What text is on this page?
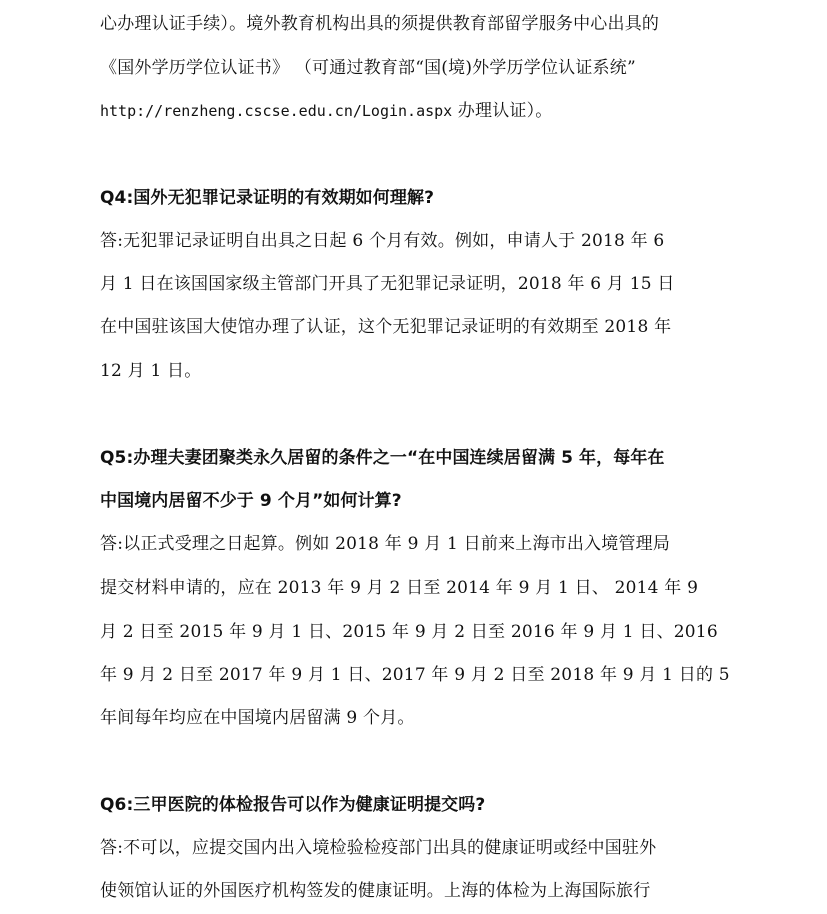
心办理认证手续）。境外教育机构出具的须提供教育部留学服务中心出具的
《国外学历学位认证书》 （可通过教育部“国(境)外学历学位认证系统”
http://renzheng.cscse.edu.cn/Login.aspx 办理认证）。
Q4:国外无犯罪记录证明的有效期如何理解?
答:无犯罪记录证明自出具之日起 6 个月有效。例如，申请人于 2018 年 6
月 1 日在该国国家级主管部门开具了无犯罪记录证明，2018 年 6 月 15 日
在中国驻该国大使馆办理了认证，这个无犯罪记录证明的有效期至 2018 年
12 月 1 日。
Q5:办理夫妻团聚类永久居留的条件之一“在中国连续居留满 5 年，每年在
中国境内居留不少于 9 个月”如何计算?
答:以正式受理之日起算。例如 2018 年 9 月 1 日前来上海市出入境管理局
提交材料申请的，应在 2013 年 9 月 2 日至 2014 年 9 月 1 日、 2014 年 9
月 2 日至 2015 年 9 月 1 日、2015 年 9 月 2 日至 2016 年 9 月 1 日、2016
年 9 月 2 日至 2017 年 9 月 1 日、2017 年 9 月 2 日至 2018 年 9 月 1 日的 5
年间每年均应在中国境内居留满 9 个月。
Q6:三甲医院的体检报告可以作为健康证明提交吗?
答:不可以，应提交国内出入境检验检疫部门出具的健康证明或经中国驻外
使领馆认证的外国医疗机构签发的健康证明。上海的体检为上海国际旅行
